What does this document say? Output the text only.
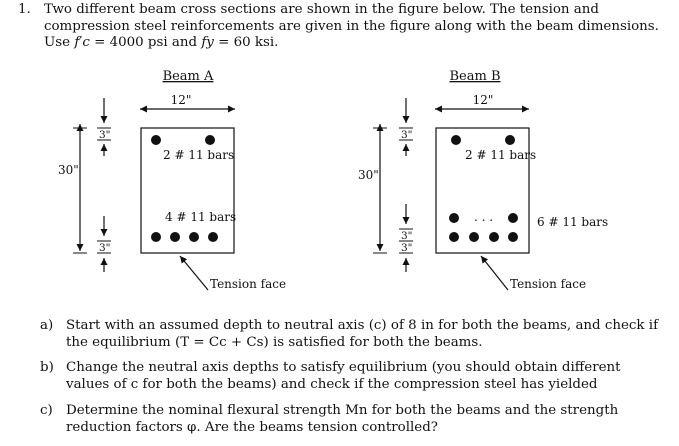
1. Two different beam cross sections are shown in the figure below. The tension and compression steel reinforcements are given in the figure along with the beam dimensions. Use f′c = 4000 psi and fy = 60 ksi.
Beam A
12"
30"
3"
3"
2 # 11 bars
4 # 11 bars
Tension face
Beam B
12"
30"
3"
3"
3"
2 # 11 bars
. . .	6 # 11 bars
Tension face
a) Start with an assumed depth to neutral axis (c) of 8 in for both the beams, and check if the equilibrium (T = Cc + Cs) is satisfied for both the beams.
b) Change the neutral axis depths to satisfy equilibrium (you should obtain different values of c for both the beams) and check if the compression steel has yielded
c) Determine the nominal flexural strength Mn for both the beams and the strength reduction factors φ. Are the beams tension controlled?
